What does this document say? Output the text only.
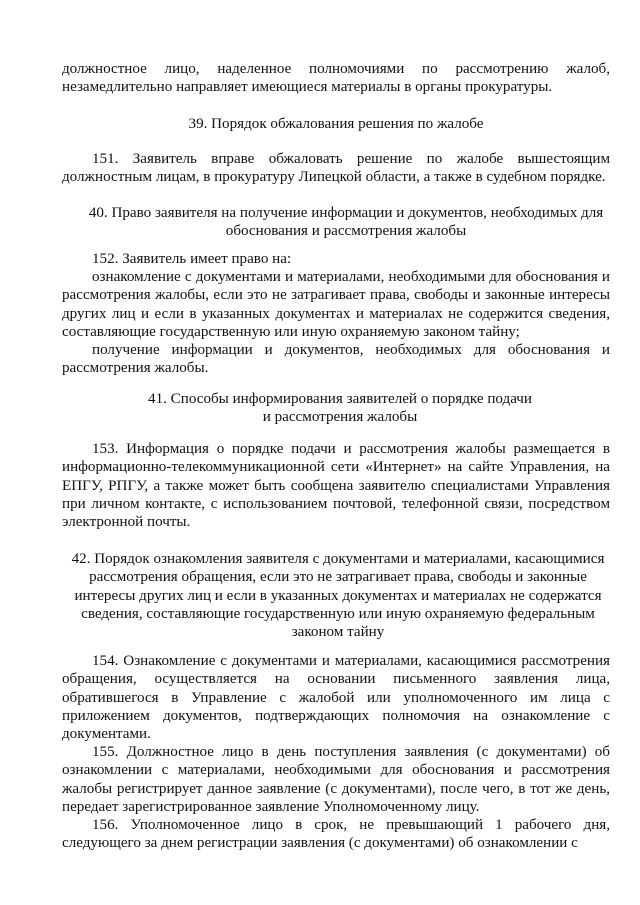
должностное лицо, наделенное полномочиями по рассмотрению жалоб, незамедлительно направляет имеющиеся материалы в органы прокуратуры.

39. Порядок обжалования решения по жалобе

151. Заявитель вправе обжаловать решение по жалобе вышестоящим должностным лицам, в прокуратуру Липецкой области, а также в судебном порядке.

40. Право заявителя на получение информации и документов, необходимых для обоснования и рассмотрения жалобы

152. Заявитель имеет право на:

ознакомление с документами и материалами, необходимыми для обоснования и рассмотрения жалобы, если это не затрагивает права, свободы и законные интересы других лиц и если в указанных документах и материалах не содержится сведения, составляющие государственную или иную охраняемую законом тайну;

получение информации и документов, необходимых для обоснования и рассмотрения жалобы.

41. Способы информирования заявителей о порядке подачи и рассмотрения жалобы

153. Информация о порядке подачи и рассмотрения жалобы размещается в информационно-телекоммуникационной сети «Интернет» на сайте Управления, на ЕПГУ, РПГУ, а также может быть сообщена заявителю специалистами Управления при личном контакте, с использованием почтовой, телефонной связи, посредством электронной почты.

42. Порядок ознакомления заявителя с документами и материалами, касающимися рассмотрения обращения, если это не затрагивает права, свободы и законные интересы других лиц и если в указанных документах и материалах не содержатся сведения, составляющие государственную или иную охраняемую федеральным законом тайну

154. Ознакомление с документами и материалами, касающимися рассмотрения обращения, осуществляется на основании письменного заявления лица, обратившегося в Управление с жалобой или уполномоченного им лица с приложением документов, подтверждающих полномочия на ознакомление с документами.

155. Должностное лицо в день поступления заявления (с документами) об ознакомлении с материалами, необходимыми для обоснования и рассмотрения жалобы регистрирует данное заявление (с документами), после чего, в тот же день, передает зарегистрированное заявление Уполномоченному лицу.

156. Уполномоченное лицо в срок, не превышающий 1 рабочего дня, следующего за днем регистрации заявления (с документами) об ознакомлении с
